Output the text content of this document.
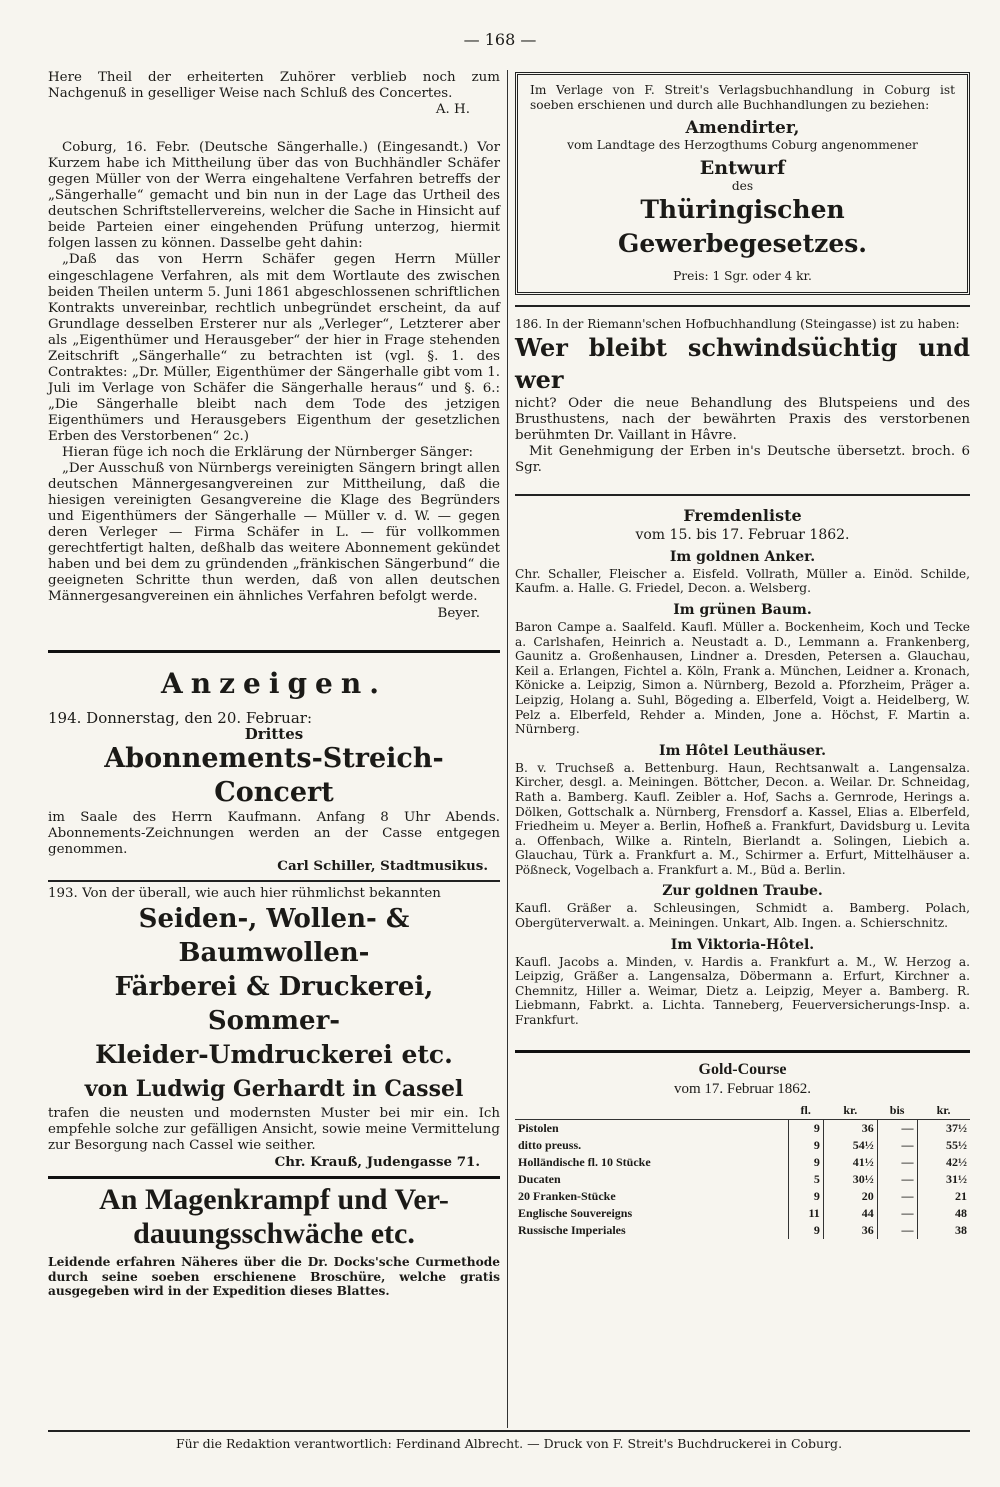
— 168 —

Here Theil der erheiterten Zuhörer verblieb noch zum Nachgenuß in geselliger Weise nach Schluß des Concertes.

A. H.

Coburg, 16. Febr. (Deutsche Sängerhalle.) (Eingesandt.) Vor Kurzem habe ich Mittheilung über das von Buchhändler Schäfer gegen Müller von der Werra eingehaltene Verfahren betreffs der „Sängerhalle“ gemacht und bin nun in der Lage das Urtheil des deutschen Schriftstellervereins, welcher die Sache in Hinsicht auf beide Parteien einer eingehenden Prüfung unterzog, hiermit folgen lassen zu können. Dasselbe geht dahin:

„Daß das von Herrn Schäfer gegen Herrn Müller eingeschlagene Verfahren, als mit dem Wortlaute des zwischen beiden Theilen unterm 5. Juni 1861 abgeschlossenen schriftlichen Kontrakts unvereinbar, rechtlich unbegründet erscheint, da auf Grundlage desselben Ersterer nur als „Verleger“, Letzterer aber als „Eigenthümer und Herausgeber“ der hier in Frage stehenden Zeitschrift „Sängerhalle“ zu betrachten ist (vgl. §. 1. des Contraktes: „Dr. Müller, Eigenthümer der Sängerhalle gibt vom 1. Juli im Verlage von Schäfer die Sängerhalle heraus“ und §. 6.: „Die Sängerhalle bleibt nach dem Tode des jetzigen Eigenthümers und Herausgebers Eigenthum der gesetzlichen Erben des Verstorbenen“ 2c.)

Hieran füge ich noch die Erklärung der Nürnberger Sänger:

„Der Ausschuß von Nürnbergs vereinigten Sängern bringt allen deutschen Männergesangvereinen zur Mittheilung, daß die hiesigen vereinigten Gesangvereine die Klage des Begründers und Eigenthümers der Sängerhalle — Müller v. d. W. — gegen deren Verleger — Firma Schäfer in L. — für vollkommen gerechtfertigt halten, deßhalb das weitere Abonnement gekündet haben und bei dem zu gründenden „fränkischen Sängerbund“ die geeigneten Schritte thun werden, daß von allen deutschen Männergesangvereinen ein ähnliches Verfahren befolgt werde.

Beyer.

Anzeigen.

194. Donnerstag, den 20. Februar:

Drittes

Abonnements-Streich-Concert

im Saale des Herrn Kaufmann. Anfang 8 Uhr Abends. Abonnements-Zeichnungen werden an der Casse entgegen genommen.

Carl Schiller, Stadtmusikus.

193. Von der überall, wie auch hier rühmlichst bekannten

Seiden-, Wollen- & Baumwollen-
Färberei & Druckerei, Sommer-
Kleider-Umdruckerei etc.
von Ludwig Gerhardt in Cassel

trafen die neusten und modernsten Muster bei mir ein. Ich empfehle solche zur gefälligen Ansicht, sowie meine Vermittelung zur Besorgung nach Cassel wie seither.

Chr. Krauß, Judengasse 71.

An Magenkrampf und Ver-
dauungsschwäche etc.

Leidende erfahren Näheres über die Dr. Docks'sche Curmethode durch seine soeben erschienene Broschüre, welche gratis ausgegeben wird in der Expedition dieses Blattes.

Im Verlage von F. Streit's Verlagsbuchhandlung in Coburg ist soeben erschienen und durch alle Buchhandlungen zu beziehen:

Amendirter,
vom Landtage des Herzogthums Coburg angenommener
Entwurf
des
Thüringischen Gewerbegesetzes.
Preis: 1 Sgr. oder 4 kr.

186. In der Riemann'schen Hofbuchhandlung (Steingasse) ist zu haben:

Wer bleibt schwindsüchtig und wer

nicht? Oder die neue Behandlung des Blutspeiens und des Brusthustens, nach der bewährten Praxis des verstorbenen berühmten Dr. Vaillant in Hâvre.

Mit Genehmigung der Erben in's Deutsche übersetzt. broch. 6 Sgr.

Fremdenliste
vom 15. bis 17. Februar 1862.
Im goldnen Anker.

Chr. Schaller, Fleischer a. Eisfeld. Vollrath, Müller a. Einöd. Schilde, Kaufm. a. Halle. G. Friedel, Decon. a. Welsberg.

Im grünen Baum.

Baron Campe a. Saalfeld. Kaufl. Müller a. Bockenheim, Koch und Tecke a. Carlshafen, Heinrich a. Neustadt a. D., Lemmann a. Frankenberg, Gaunitz a. Großenhausen, Lindner a. Dresden, Petersen a. Glauchau, Keil a. Erlangen, Fichtel a. Köln, Frank a. München, Leidner a. Kronach, Könicke a. Leipzig, Simon a. Nürnberg, Bezold a. Pforzheim, Präger a. Leipzig, Holang a. Suhl, Bögeding a. Elberfeld, Voigt a. Heidelberg, W. Pelz a. Elberfeld, Rehder a. Minden, Jone a. Höchst, F. Martin a. Nürnberg.

Im Hôtel Leuthäuser.

B. v. Truchseß a. Bettenburg. Haun, Rechtsanwalt a. Langensalza. Kircher, desgl. a. Meiningen. Böttcher, Decon. a. Weilar. Dr. Schneidag, Rath a. Bamberg. Kaufl. Zeibler a. Hof, Sachs a. Gernrode, Herings a. Dölken, Gottschalk a. Nürnberg, Frensdorf a. Kassel, Elias a. Elberfeld, Friedheim u. Meyer a. Berlin, Hofheß a. Frankfurt, Davidsburg u. Levita a. Offenbach, Wilke a. Rinteln, Bierlandt a. Solingen, Liebich a. Glauchau, Türk a. Frankfurt a. M., Schirmer a. Erfurt, Mittelhäuser a. Pößneck, Vogelbach a. Frankfurt a. M., Büd a. Berlin.

Zur goldnen Traube.

Kaufl. Gräßer a. Schleusingen, Schmidt a. Bamberg. Polach, Obergüterverwalt. a. Meiningen. Unkart, Alb. Ingen. a. Schierschnitz.

Im Viktoria-Hôtel.

Kaufl. Jacobs a. Minden, v. Hardis a. Frankfurt a. M., W. Herzog a. Leipzig, Gräßer a. Langensalza, Döbermann a. Erfurt, Kirchner a. Chemnitz, Hiller a. Weimar, Dietz a. Leipzig, Meyer a. Bamberg. R. Liebmann, Fabrkt. a. Lichta. Tanneberg, Feuerversicherungs-Insp. a. Frankfurt.

Gold-Course
vom 17. Februar 1862.
	fl.	kr.	bis	kr.
Pistolen	9	36	—	37½
ditto preuss.	9	54½	—	55½
Holländische fl. 10 Stücke	9	41½	—	42½
Ducaten	5	30½	—	31½
20 Franken-Stücke	9	20	—	21
Englische Souvereigns	11	44	—	48
Russische Imperiales	9	36	—	38
Für die Redaktion verantwortlich: Ferdinand Albrecht. — Druck von F. Streit's Buchdruckerei in Coburg.
